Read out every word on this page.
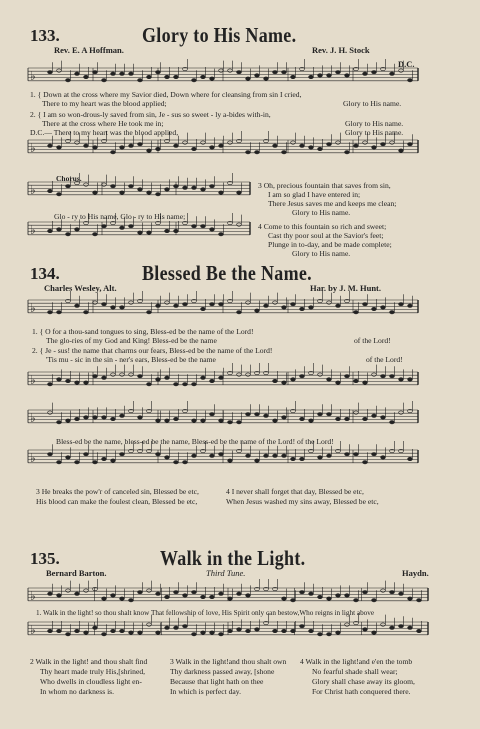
♭
♭
♭
♭
♭
♭
♭
♭
♭
♭
133.	Glory to His Name.
Rev. E. A Hoffman.	Rev. J. H. Stock
D.C.
1. { Down at the cross where my Savior died, Down where for cleansing from sin I cried,
There to my heart was the blood applied;
2. { I am so won-drous-ly saved from sin, Je - sus so sweet - ly a-bides with-in,
There at the cross where He took me in;
D.C.— There to my heart was the blood applied,
Glory to His name.
Glory to His name.
Glory to His name.
Chorus.
Glo - ry to His name, Glo - ry to His name;
3 Oh, precious fountain that saves from sin,
I am so glad I have entered in;
There Jesus saves me and keeps me clean;
Glory to His name.
4 Come to this fountain so rich and sweet;
Cast thy poor soul at the Savior's feet;
Plunge in to-day, and be made complete;
Glory to His name.
134.	Blessed Be the Name.
Charles Wesley, Alt.	Har. by J. M. Hunt.
1. { O for a thou-sand tongues to sing, Bless-ed be the name of the Lord!
The glo-ries of my God and King! Bless-ed be the name
2. { Je - sus! the name that charms our fears, Bless-ed be the name of the Lord!
'Tis mu - sic in the sin - ner's ears, Bless-ed be the name
of the Lord!
of the Lord!
Bless-ed be the name, bless-ed be the name, Bless-ed be the name of the Lord! of the Lord!
3 He breaks the pow'r of canceled sin, Blessed be etc,
His blood can make the foulest clean, Blessed be etc,
4 I never shall forget that day, Blessed be etc,
When Jesus washed my sins away, Blessed be etc,
135.	Walk in the Light.
Bernard Barton.	Third Tune.	Haydn.
1. Walk in the light! so thou shalt know That fellowship of love, His Spirit only can bestow,Who reigns in light above
2 Walk in the light! and thou shalt find
Thy heart made truly His,[shrined,
Who dwells in cloudless light en-
In whom no darkness is.
3 Walk in the light!and thou shalt own
Thy darkness passed away, [shone
Because that light hath on thee
In which is perfect day.
4 Walk in the light!and e'en the tomb
No fearful shade shall wear;
Glory shall chase away its gloom,
For Christ hath conquered there.
